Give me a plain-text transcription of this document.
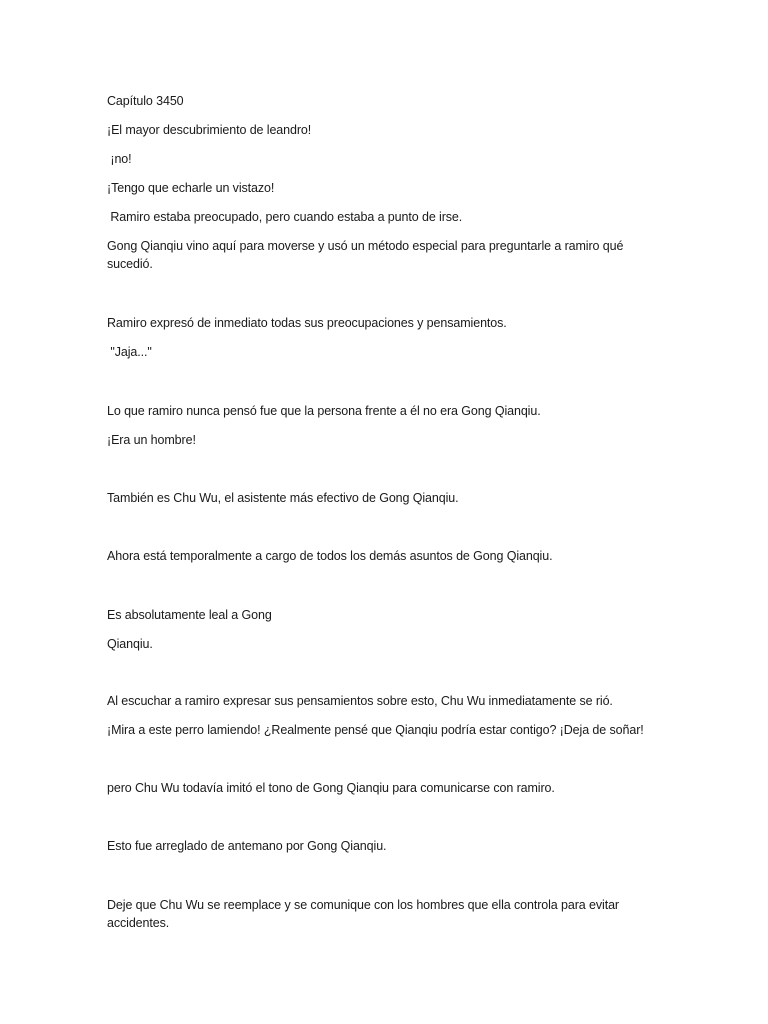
Capítulo 3450

¡El mayor descubrimiento de leandro!

¡no!

¡Tengo que echarle un vistazo!

Ramiro estaba preocupado, pero cuando estaba a punto de irse.

Gong Qianqiu vino aquí para moverse y usó un método especial para preguntarle a ramiro qué sucedió.

Ramiro expresó de inmediato todas sus preocupaciones y pensamientos.

"Jaja..."

Lo que ramiro nunca pensó fue que la persona frente a él no era Gong Qianqiu.

¡Era un hombre!

También es Chu Wu, el asistente más efectivo de Gong Qianqiu.

Ahora está temporalmente a cargo de todos los demás asuntos de Gong Qianqiu.

Es absolutamente leal a Gong

Qianqiu.

Al escuchar a ramiro expresar sus pensamientos sobre esto, Chu Wu inmediatamente se rió.

¡Mira a este perro lamiendo! ¿Realmente pensé que Qianqiu podría estar contigo? ¡Deja de soñar!

pero Chu Wu todavía imitó el tono de Gong Qianqiu para comunicarse con ramiro.

Esto fue arreglado de antemano por Gong Qianqiu.

Deje que Chu Wu se reemplace y se comunique con los hombres que ella controla para evitar accidentes.
